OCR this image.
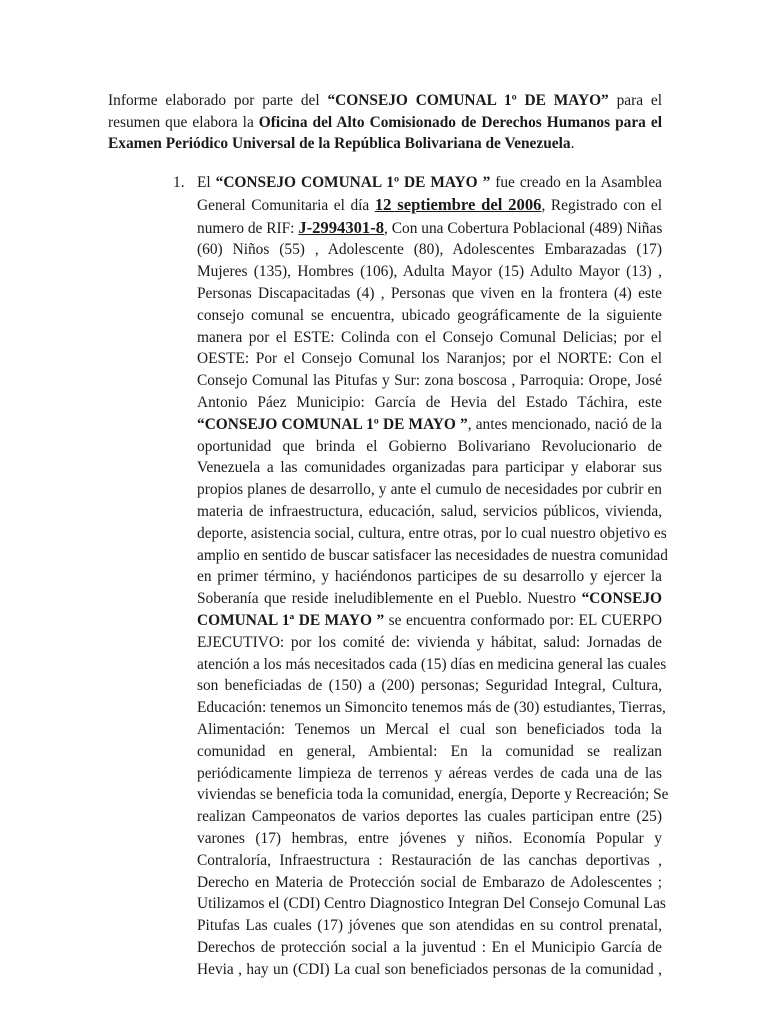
Informe elaborado por parte del “CONSEJO COMUNAL 1º DE MAYO” para el
resumen que elabora la Oficina del Alto Comisionado de Derechos Humanos para el
Examen Periódico Universal de la República Bolivariana de Venezuela.

1. El “CONSEJO COMUNAL 1º DE MAYO ” fue creado en la Asamblea
General Comunitaria el día 12 septiembre del 2006, Registrado con el
numero de RIF: J-2994301-8, Con una Cobertura Poblacional (489) Niñas
(60) Niños (55) , Adolescente (80), Adolescentes Embarazadas (17)
Mujeres (135), Hombres (106), Adulta Mayor (15) Adulto Mayor (13) ,
Personas Discapacitadas (4) , Personas que viven en la frontera (4) este
consejo comunal se encuentra, ubicado geográficamente de la siguiente
manera por el ESTE: Colinda con el Consejo Comunal Delicias; por el
OESTE: Por el Consejo Comunal los Naranjos; por el NORTE: Con el
Consejo Comunal las Pitufas y Sur: zona boscosa , Parroquia: Orope, José
Antonio Páez Municipio: García de Hevia del Estado Táchira, este
“CONSEJO COMUNAL 1º DE MAYO ”, antes mencionado, nació de la
oportunidad que brinda el Gobierno Bolivariano Revolucionario de
Venezuela a las comunidades organizadas para participar y elaborar sus
propios planes de desarrollo, y ante el cumulo de necesidades por cubrir en
materia de infraestructura, educación, salud, servicios públicos, vivienda,
deporte, asistencia social, cultura, entre otras, por lo cual nuestro objetivo es
amplio en sentido de buscar satisfacer las necesidades de nuestra comunidad
en primer término, y haciéndonos participes de su desarrollo y ejercer la
Soberanía que reside ineludiblemente en el Pueblo. Nuestro “CONSEJO
COMUNAL 1ª DE MAYO ” se encuentra conformado por: EL CUERPO
EJECUTIVO: por los comité de: vivienda y hábitat, salud: Jornadas de
atención a los más necesitados cada (15) días en medicina general las cuales
son beneficiadas de (150) a (200) personas; Seguridad Integral, Cultura,
Educación: tenemos un Simoncito tenemos más de (30) estudiantes, Tierras,
Alimentación: Tenemos un Mercal el cual son beneficiados toda la
comunidad en general, Ambiental: En la comunidad se realizan
periódicamente limpieza de terrenos y aéreas verdes de cada una de las
viviendas se beneficia toda la comunidad, energía, Deporte y Recreación; Se
realizan Campeonatos de varios deportes las cuales participan entre (25)
varones (17) hembras, entre jóvenes y niños. Economía Popular y
Contraloría, Infraestructura : Restauración de las canchas deportivas ,
Derecho en Materia de Protección social de Embarazo de Adolescentes ;
Utilizamos el (CDI) Centro Diagnostico Integran Del Consejo Comunal Las
Pitufas Las cuales (17) jóvenes que son atendidas en su control prenatal,
Derechos de protección social a la juventud : En el Municipio García de
Hevia , hay un (CDI) La cual son beneficiados personas de la comunidad ,
